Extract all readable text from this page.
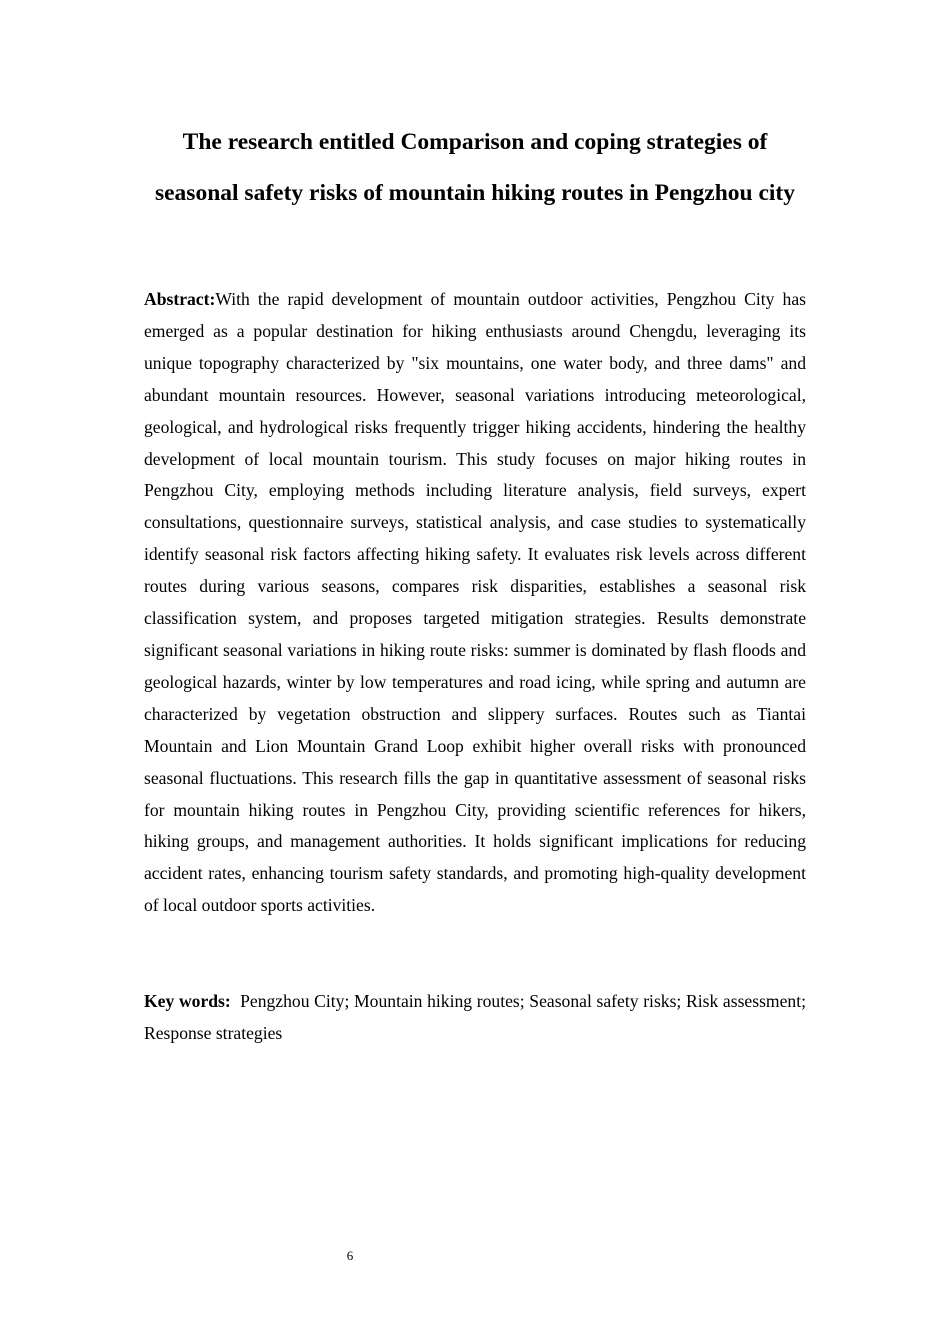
The research entitled Comparison and coping strategies of seasonal safety risks of mountain hiking routes in Pengzhou city

Abstract:With the rapid development of mountain outdoor activities, Pengzhou City has emerged as a popular destination for hiking enthusiasts around Chengdu, leveraging its unique topography characterized by "six mountains, one water body, and three dams" and abundant mountain resources. However, seasonal variations introducing meteorological, geological, and hydrological risks frequently trigger hiking accidents, hindering the healthy development of local mountain tourism. This study focuses on major hiking routes in Pengzhou City, employing methods including literature analysis, field surveys, expert consultations, questionnaire surveys, statistical analysis, and case studies to systematically identify seasonal risk factors affecting hiking safety. It evaluates risk levels across different routes during various seasons, compares risk disparities, establishes a seasonal risk classification system, and proposes targeted mitigation strategies. Results demonstrate significant seasonal variations in hiking route risks: summer is dominated by flash floods and geological hazards, winter by low temperatures and road icing, while spring and autumn are characterized by vegetation obstruction and slippery surfaces. Routes such as Tiantai Mountain and Lion Mountain Grand Loop exhibit higher overall risks with pronounced seasonal fluctuations. This research fills the gap in quantitative assessment of seasonal risks for mountain hiking routes in Pengzhou City, providing scientific references for hikers, hiking groups, and management authorities. It holds significant implications for reducing accident rates, enhancing tourism safety standards, and promoting high-quality development of local outdoor sports activities.

Key words: Pengzhou City; Mountain hiking routes; Seasonal safety risks; Risk assessment; Response strategies

6
